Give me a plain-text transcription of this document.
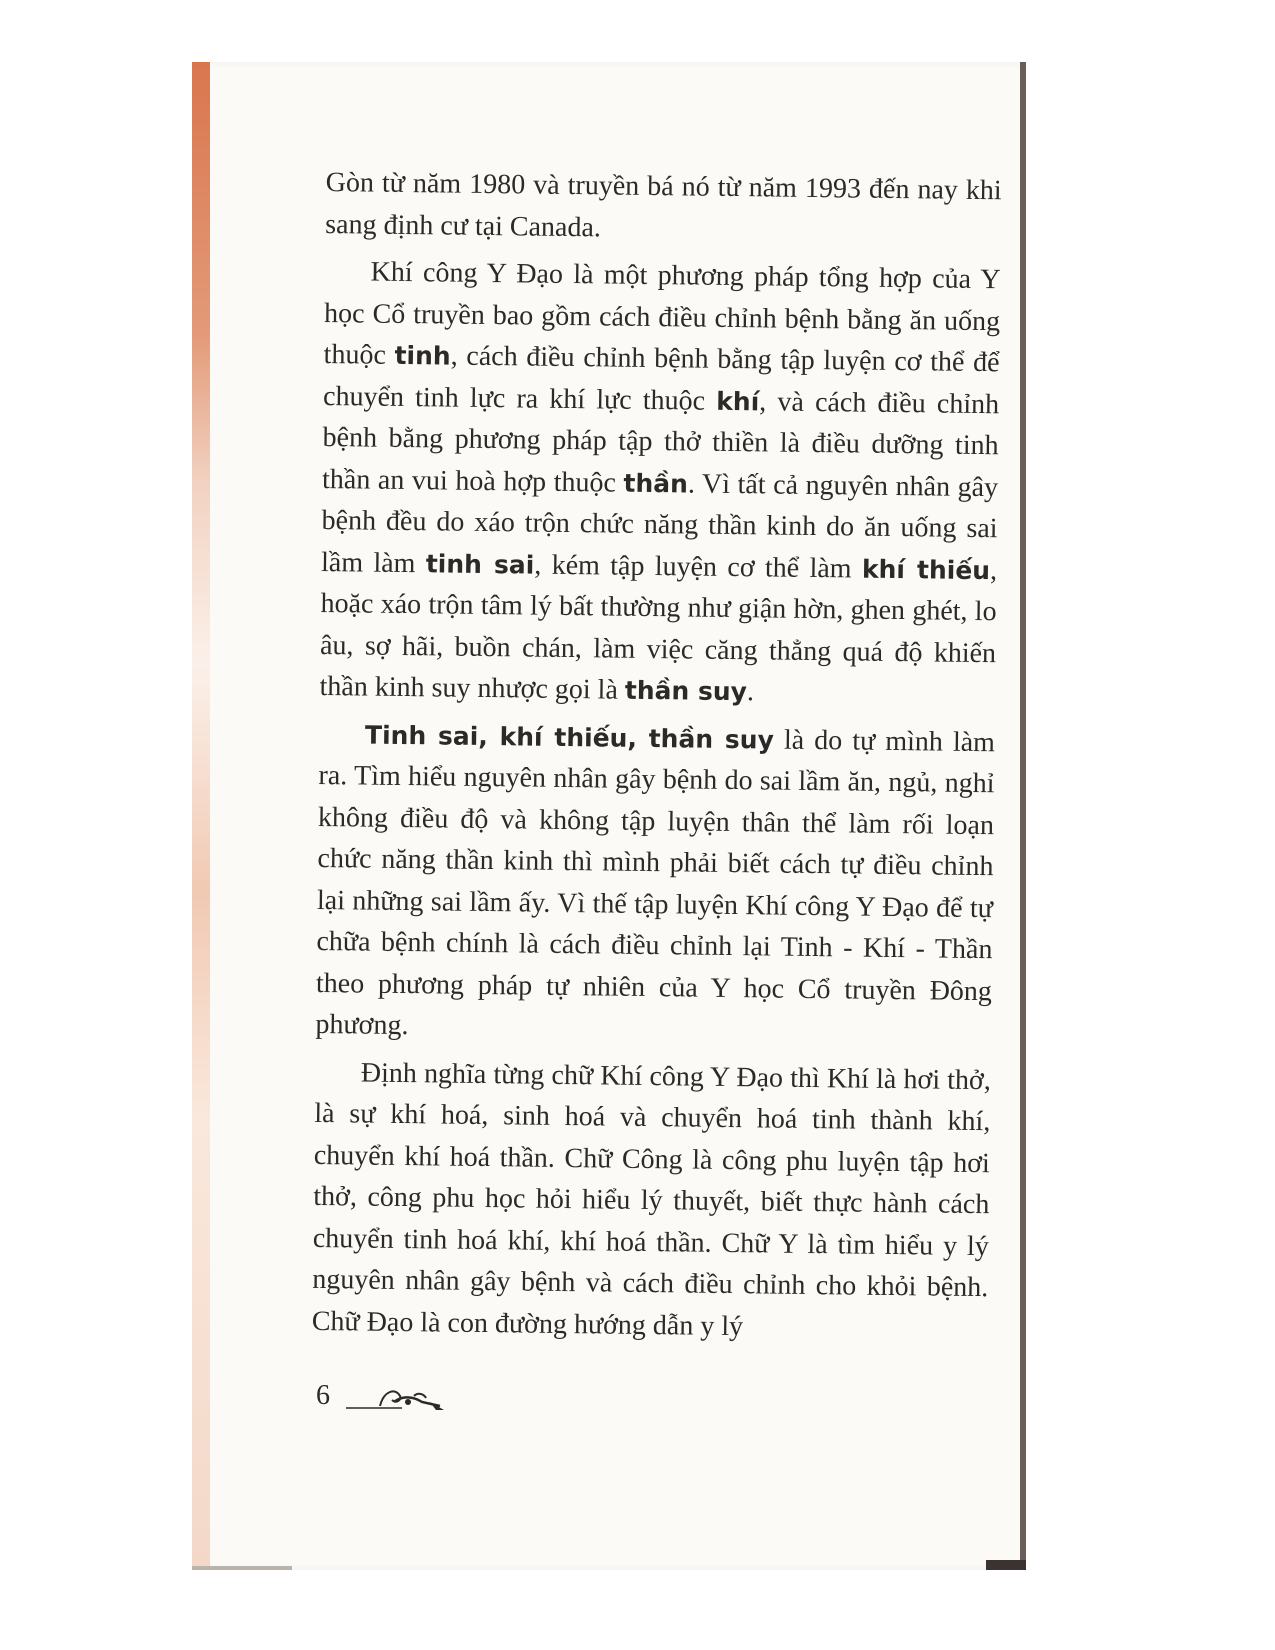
Gòn từ năm 1980 và truyền bá nó từ năm 1993 đến nay khi sang định cư tại Canada.

Khí công Y Đạo là một phương pháp tổng hợp của Y học Cổ truyền bao gồm cách điều chỉnh bệnh bằng ăn uống thuộc tinh, cách điều chỉnh bệnh bằng tập luyện cơ thể để chuyển tinh lực ra khí lực thuộc khí, và cách điều chỉnh bệnh bằng phương pháp tập thở thiền là điều dưỡng tinh thần an vui hoà hợp thuộc thần. Vì tất cả nguyên nhân gây bệnh đều do xáo trộn chức năng thần kinh do ăn uống sai lầm làm tinh sai, kém tập luyện cơ thể làm khí thiếu, hoặc xáo trộn tâm lý bất thường như giận hờn, ghen ghét, lo âu, sợ hãi, buồn chán, làm việc căng thẳng quá độ khiến thần kinh suy nhược gọi là thần suy.

Tinh sai, khí thiếu, thần suy là do tự mình làm ra. Tìm hiểu nguyên nhân gây bệnh do sai lầm ăn, ngủ, nghỉ không điều độ và không tập luyện thân thể làm rối loạn chức năng thần kinh thì mình phải biết cách tự điều chỉnh lại những sai lầm ấy. Vì thế tập luyện Khí công Y Đạo để tự chữa bệnh chính là cách điều chỉnh lại Tinh - Khí - Thần theo phương pháp tự nhiên của Y học Cổ truyền Đông phương.

Định nghĩa từng chữ Khí công Y Đạo thì Khí là hơi thở, là sự khí hoá, sinh hoá và chuyển hoá tinh thành khí, chuyển khí hoá thần. Chữ Công là công phu luyện tập hơi thở, công phu học hỏi hiểu lý thuyết, biết thực hành cách chuyển tinh hoá khí, khí hoá thần. Chữ Y là tìm hiểu y lý nguyên nhân gây bệnh và cách điều chỉnh cho khỏi bệnh. Chữ Đạo là con đường hướng dẫn y lý

6
